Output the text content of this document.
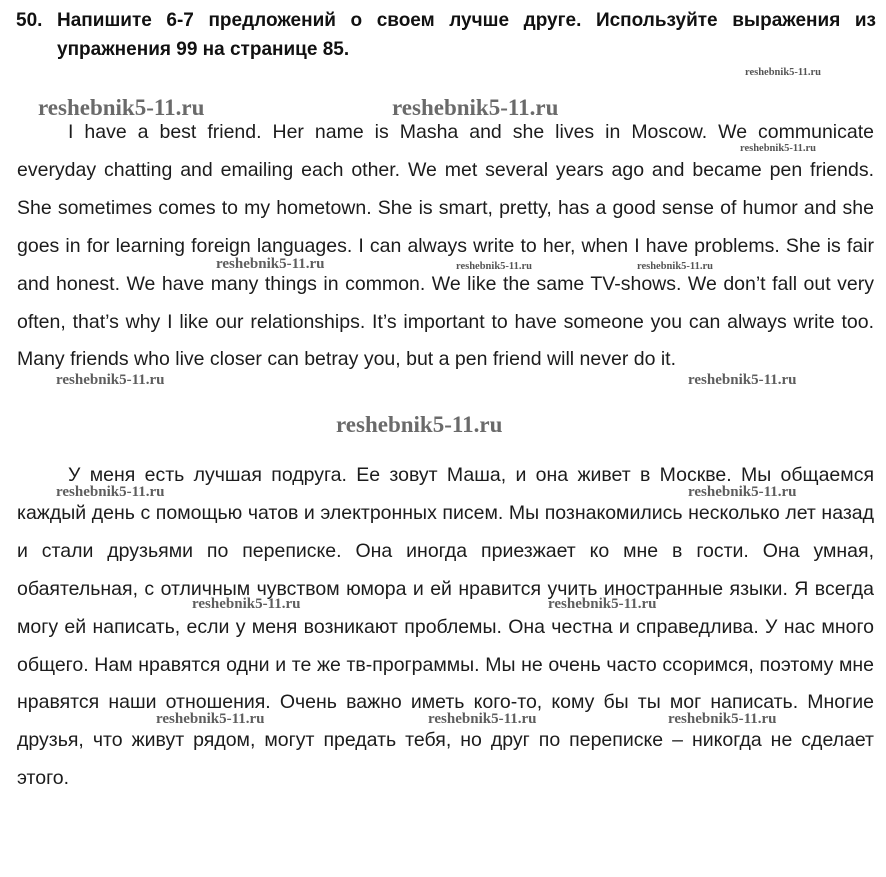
50. Напишите 6-7 предложений о своем лучше друге. Используйте выражения из упражнения 99 на странице 85.

I have a best friend. Her name is Masha and she lives in Moscow. We communicate everyday chatting and emailing each other. We met several years ago and became pen friends. She sometimes comes to my hometown. She is smart, pretty, has a good sense of humor and she goes in for learning foreign languages. I can always write to her, when I have problems. She is fair and honest. We have many things in common. We like the same TV-shows. We don’t fall out very often, that’s why I like our relationships. It’s important to have someone you can always write too. Many friends who live closer can betray you, but a pen friend will never do it.

У меня есть лучшая подруга. Ее зовут Маша, и она живет в Москве. Мы общаемся каждый день с помощью чатов и электронных писем. Мы познакомились несколько лет назад и стали друзьями по переписке. Она иногда приезжает ко мне в гости. Она умная, обаятельная, с отличным чувством юмора и ей нравится учить иностранные языки. Я всегда могу ей написать, если у меня возникают проблемы. Она честна и справедлива. У нас много общего. Нам нравятся одни и те же тв-программы. Мы не очень часто ссоримся, поэтому мне нравятся наши отношения. Очень важно иметь кого-то, кому бы ты мог написать. Многие друзья, что живут рядом, могут предать тебя, но друг по переписке – никогда не сделает этого.

reshebnik5-11.ru
reshebnik5-11.ru	reshebnik5-11.ru
reshebnik5-11.ru
reshebnik5-11.ru	reshebnik5-11.ru	reshebnik5-11.ru
reshebnik5-11.ru	reshebnik5-11.ru
reshebnik5-11.ru
reshebnik5-11.ru	reshebnik5-11.ru
reshebnik5-11.ru	reshebnik5-11.ru
reshebnik5-11.ru	reshebnik5-11.ru	reshebnik5-11.ru
